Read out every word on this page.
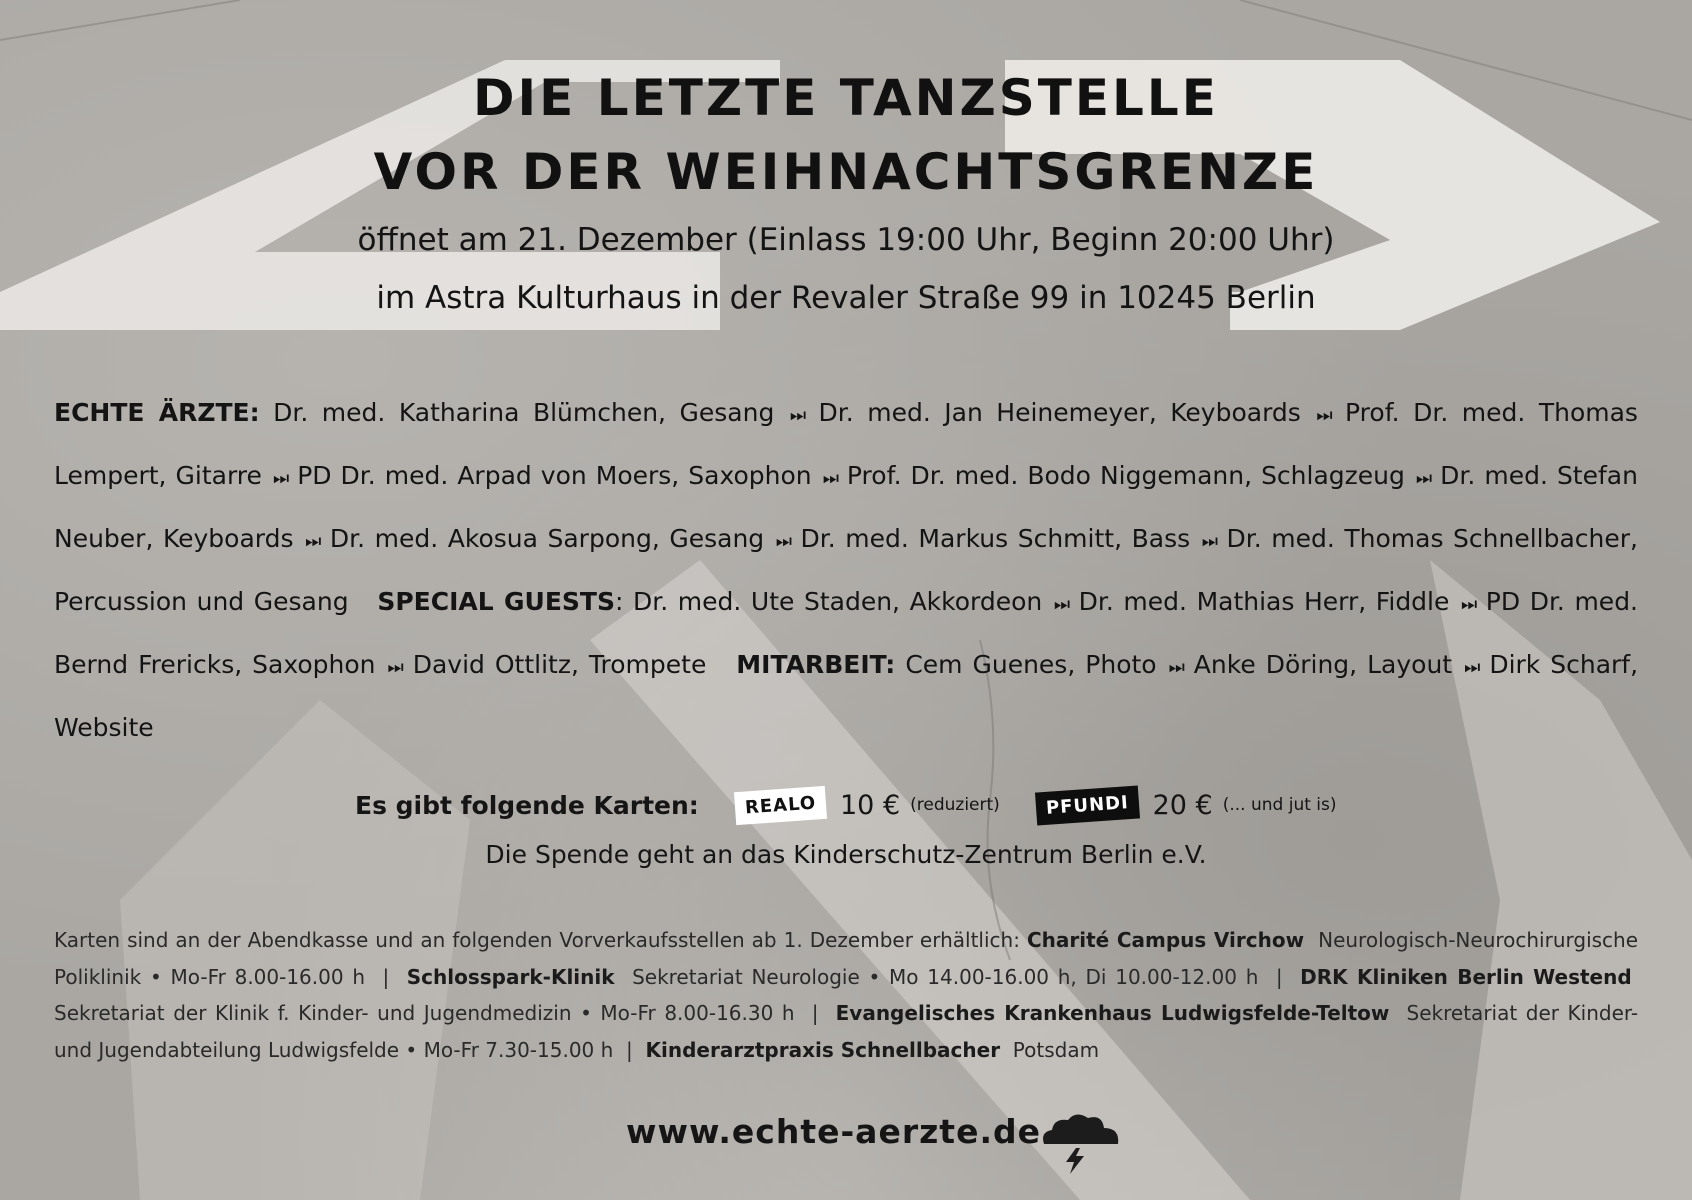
DIE LETZTE TANZSTELLE
VOR DER WEIHNACHTSGRENZE
öffnet am 21. Dezember (Einlass 19:00 Uhr, Beginn 20:00 Uhr)
im Astra Kulturhaus in der Revaler Straße 99 in 10245 Berlin
ECHTE ÄRZTE: Dr. med. Katharina Blümchen, Gesang ⏭ Dr. med. Jan Heinemeyer, Keyboards ⏭ Prof. Dr. med. Thomas Lempert, Gitarre ⏭ PD Dr. med. Arpad von Moers, Saxophon ⏭ Prof. Dr. med. Bodo Niggemann, Schlagzeug ⏭ Dr. med. Stefan Neuber, Keyboards ⏭ Dr. med. Akosua Sarpong, Gesang ⏭ Dr. med. Markus Schmitt, Bass ⏭ Dr. med. Thomas Schnellbacher, Percussion und Gesang SPECIAL GUESTS: Dr. med. Ute Staden, Akkordeon ⏭ Dr. med. Mathias Herr, Fiddle ⏭ PD Dr. med. Bernd Frericks, Saxophon ⏭ David Ottlitz, Trompete MITARBEIT: Cem Guenes, Photo ⏭ Anke Döring, Layout ⏭ Dirk Scharf, Website
Es gibt folgende Karten:	REALO 10 € (reduziert)	PFUNDI 20 € (... und jut is)
Die Spende geht an das Kinderschutz-Zentrum Berlin e.V.
Karten sind an der Abendkasse und an folgenden Vorverkaufsstellen ab 1. Dezember erhältlich: Charité Campus Virchow Neurologisch-Neurochirurgische Poliklinik • Mo-Fr 8.00-16.00 h | Schlosspark-Klinik Sekretariat Neurologie • Mo 14.00-16.00 h, Di 10.00-12.00 h | DRK Kliniken Berlin Westend  Sekretariat der Klinik f. Kinder- und Jugendmedizin • Mo-Fr 8.00-16.30 h | Evangelisches Krankenhaus Ludwigsfelde-Teltow Sekretariat der Kinder- und Jugendabteilung Ludwigsfelde • Mo-Fr 7.30-15.00 h | Kinderarztpraxis Schnellbacher Potsdam
www.echte-aerzte.de
